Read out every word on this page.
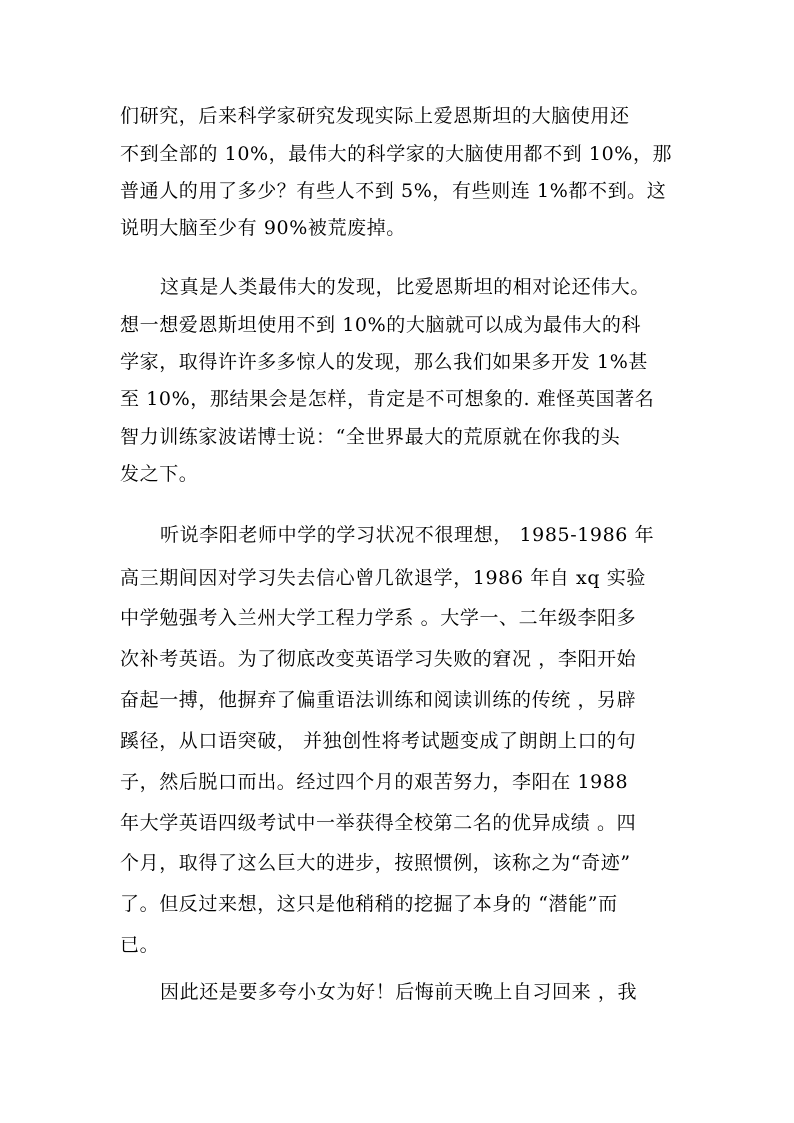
们研究，后来科学家研究发现实际上爱恩斯坦的大脑使用还
不到全部的 10%，最伟大的科学家的大脑使用都不到 10%，那
普通人的用了多少？有些人不到 5%，有些则连 1%都不到。这
说明大脑至少有 90%被荒废掉。
这真是人类最伟大的发现，比爱恩斯坦的相对论还伟大。
想一想爱恩斯坦使用不到 10%的大脑就可以成为最伟大的科
学家，取得许许多多惊人的发现，那么我们如果多开发 1%甚
至 10%，那结果会是怎样，肯定是不可想象的. 难怪英国著名
智力训练家波诺博士说：“全世界最大的荒原就在你我的头
发之下。
听说李阳老师中学的学习状况不很理想， 1985-1986 年
高三期间因对学习失去信心曾几欲退学，1986 年自 xq 实验
中学勉强考入兰州大学工程力学系 。大学一、二年级李阳多
次补考英语。为了彻底改变英语学习失败的窘况 ，李阳开始
奋起一搏，他摒弃了偏重语法训练和阅读训练的传统 ，另辟
蹊径，从口语突破， 并独创性将考试题变成了朗朗上口的句
子，然后脱口而出。经过四个月的艰苦努力，李阳在 1988
年大学英语四级考试中一举获得全校第二名的优异成绩 。四
个月，取得了这么巨大的进步，按照惯例，该称之为“奇迹”
了。但反过来想，这只是他稍稍的挖掘了本身的 “潜能”而
已。
因此还是要多夸小女为好！后悔前天晚上自习回来 ，我
